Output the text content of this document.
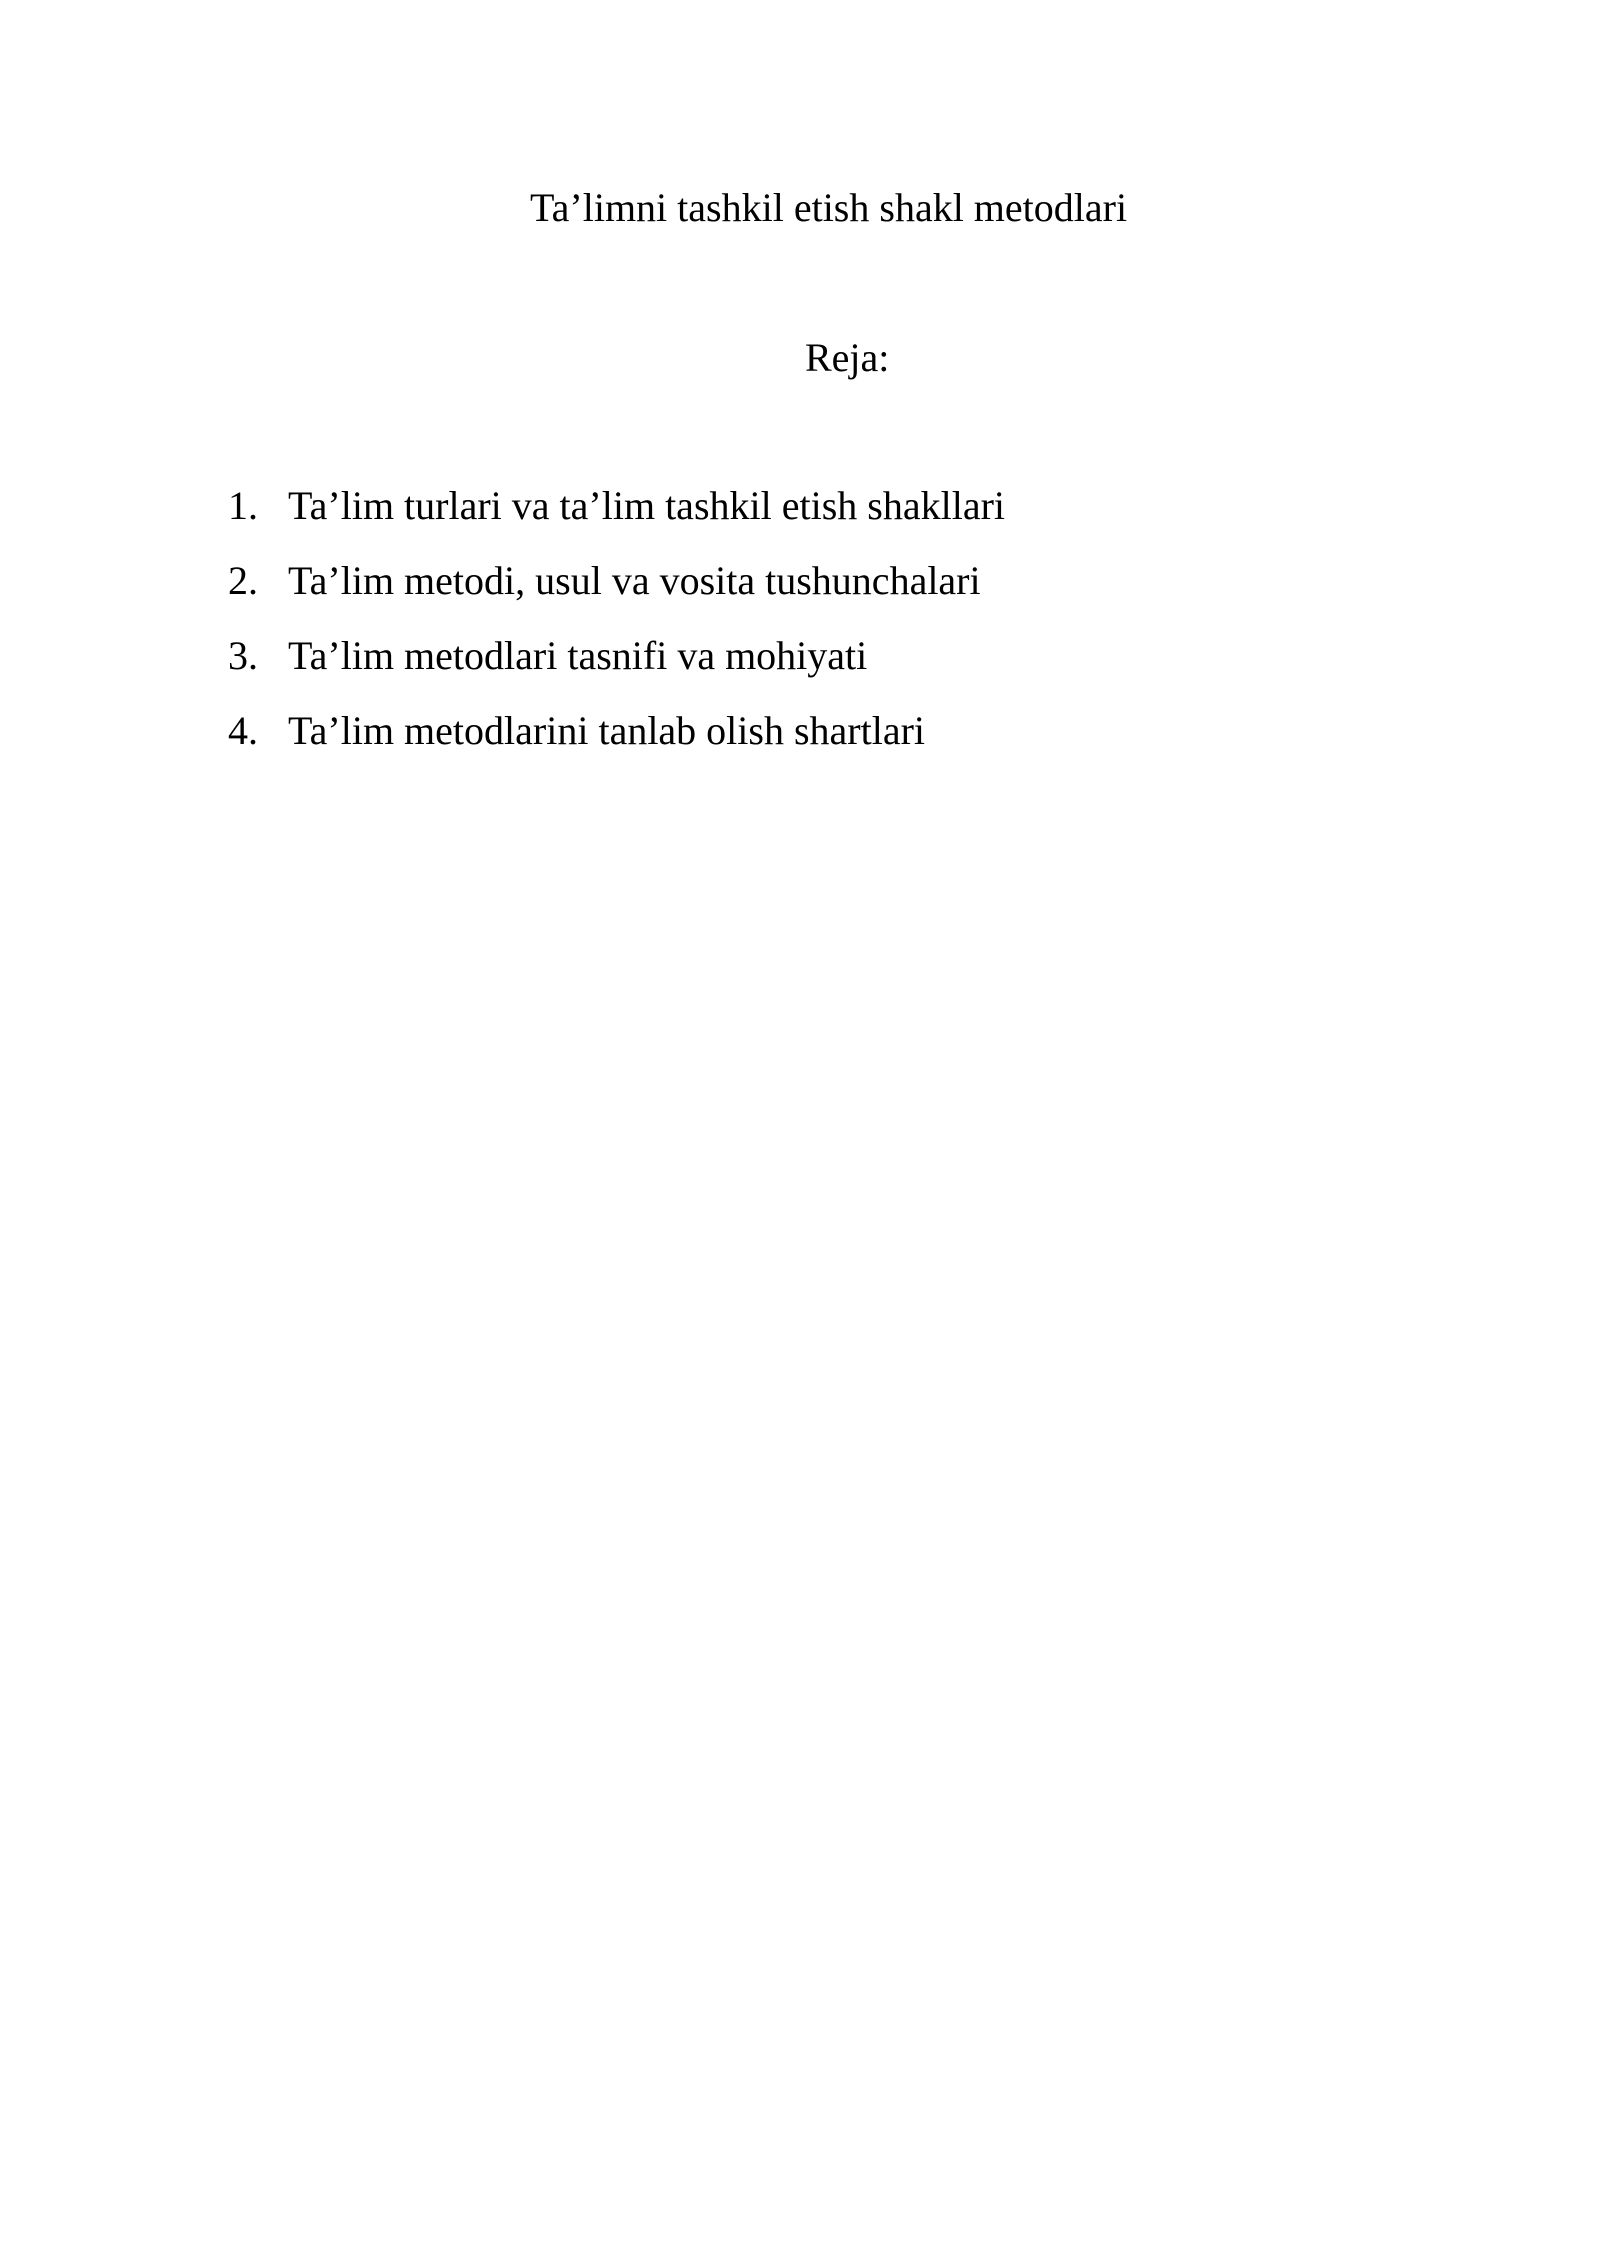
Ta’limni tashkil etish shakl metodlari
Reja:
1. Ta’lim turlari va ta’lim tashkil etish shakllari
2. Ta’lim metodi, usul va vosita tushunchalari
3. Ta’lim metodlari tasnifi va mohiyati
4. Ta’lim metodlarini tanlab olish shartlari
